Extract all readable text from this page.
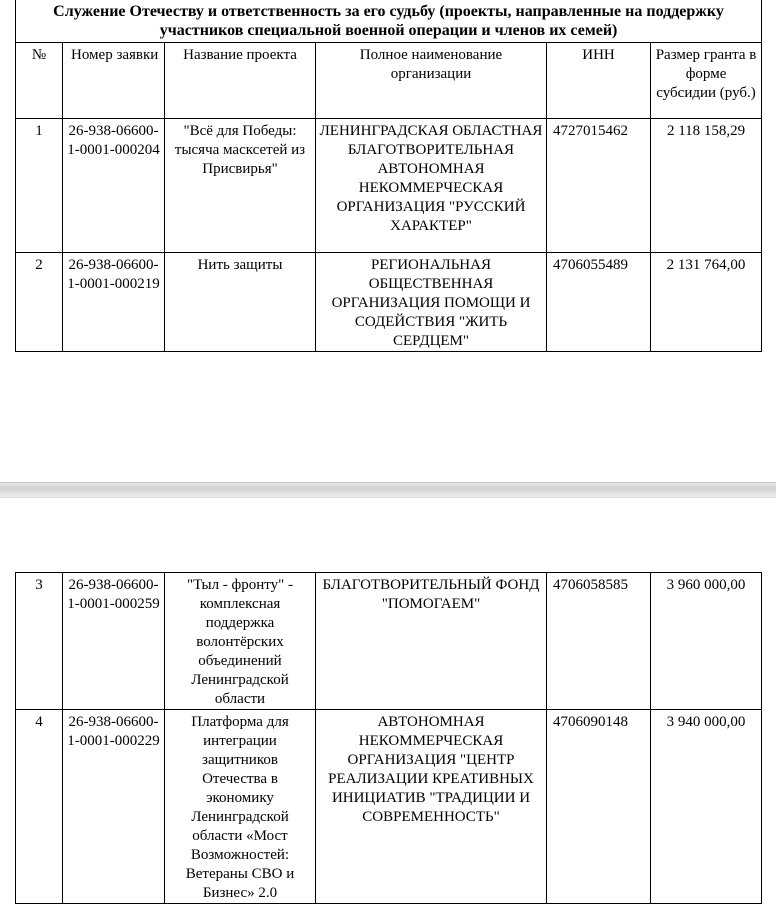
Служение Отечеству и ответственность за его судьбу (проекты, направленные на поддержку участников специальной военной операции и членов их семей)					
№	Номер заявки	Название проекта	Полное наименование организации	ИНН	Размер гранта в форме субсидии (руб.)
1	26-938-06600-1-0001-000204	"Всё для Победы: тысяча масксетей из Присвирья"	ЛЕНИНГРАДСКАЯ ОБЛАСТНАЯ БЛАГОТВОРИТЕЛЬНАЯ АВТОНОМНАЯ НЕКОММЕРЧЕСКАЯ ОРГАНИЗАЦИЯ "РУССКИЙ ХАРАКТЕР"	4727015462	2 118 158,29
2	26-938-06600-1-0001-000219	Нить защиты	РЕГИОНАЛЬНАЯ ОБЩЕСТВЕННАЯ ОРГАНИЗАЦИЯ ПОМОЩИ И СОДЕЙСТВИЯ "ЖИТЬ СЕРДЦЕМ"	4706055489	2 131 764,00
3	26-938-06600-1-0001-000259	"Тыл - фронту" - комплексная поддержка волонтёрских объединений Ленинградской области	БЛАГОТВОРИТЕЛЬНЫЙ ФОНД "ПОМОГАЕМ"	4706058585	3 960 000,00
4	26-938-06600-1-0001-000229	Платформа для интеграции защитников Отечества в экономику Ленинградской области «Мост Возможностей: Ветераны СВО и Бизнес» 2.0	АВТОНОМНАЯ НЕКОММЕРЧЕСКАЯ ОРГАНИЗАЦИЯ "ЦЕНТР РЕАЛИЗАЦИИ КРЕАТИВНЫХ ИНИЦИАТИВ "ТРАДИЦИИ И СОВРЕМЕННОСТЬ"	4706090148	3 940 000,00
